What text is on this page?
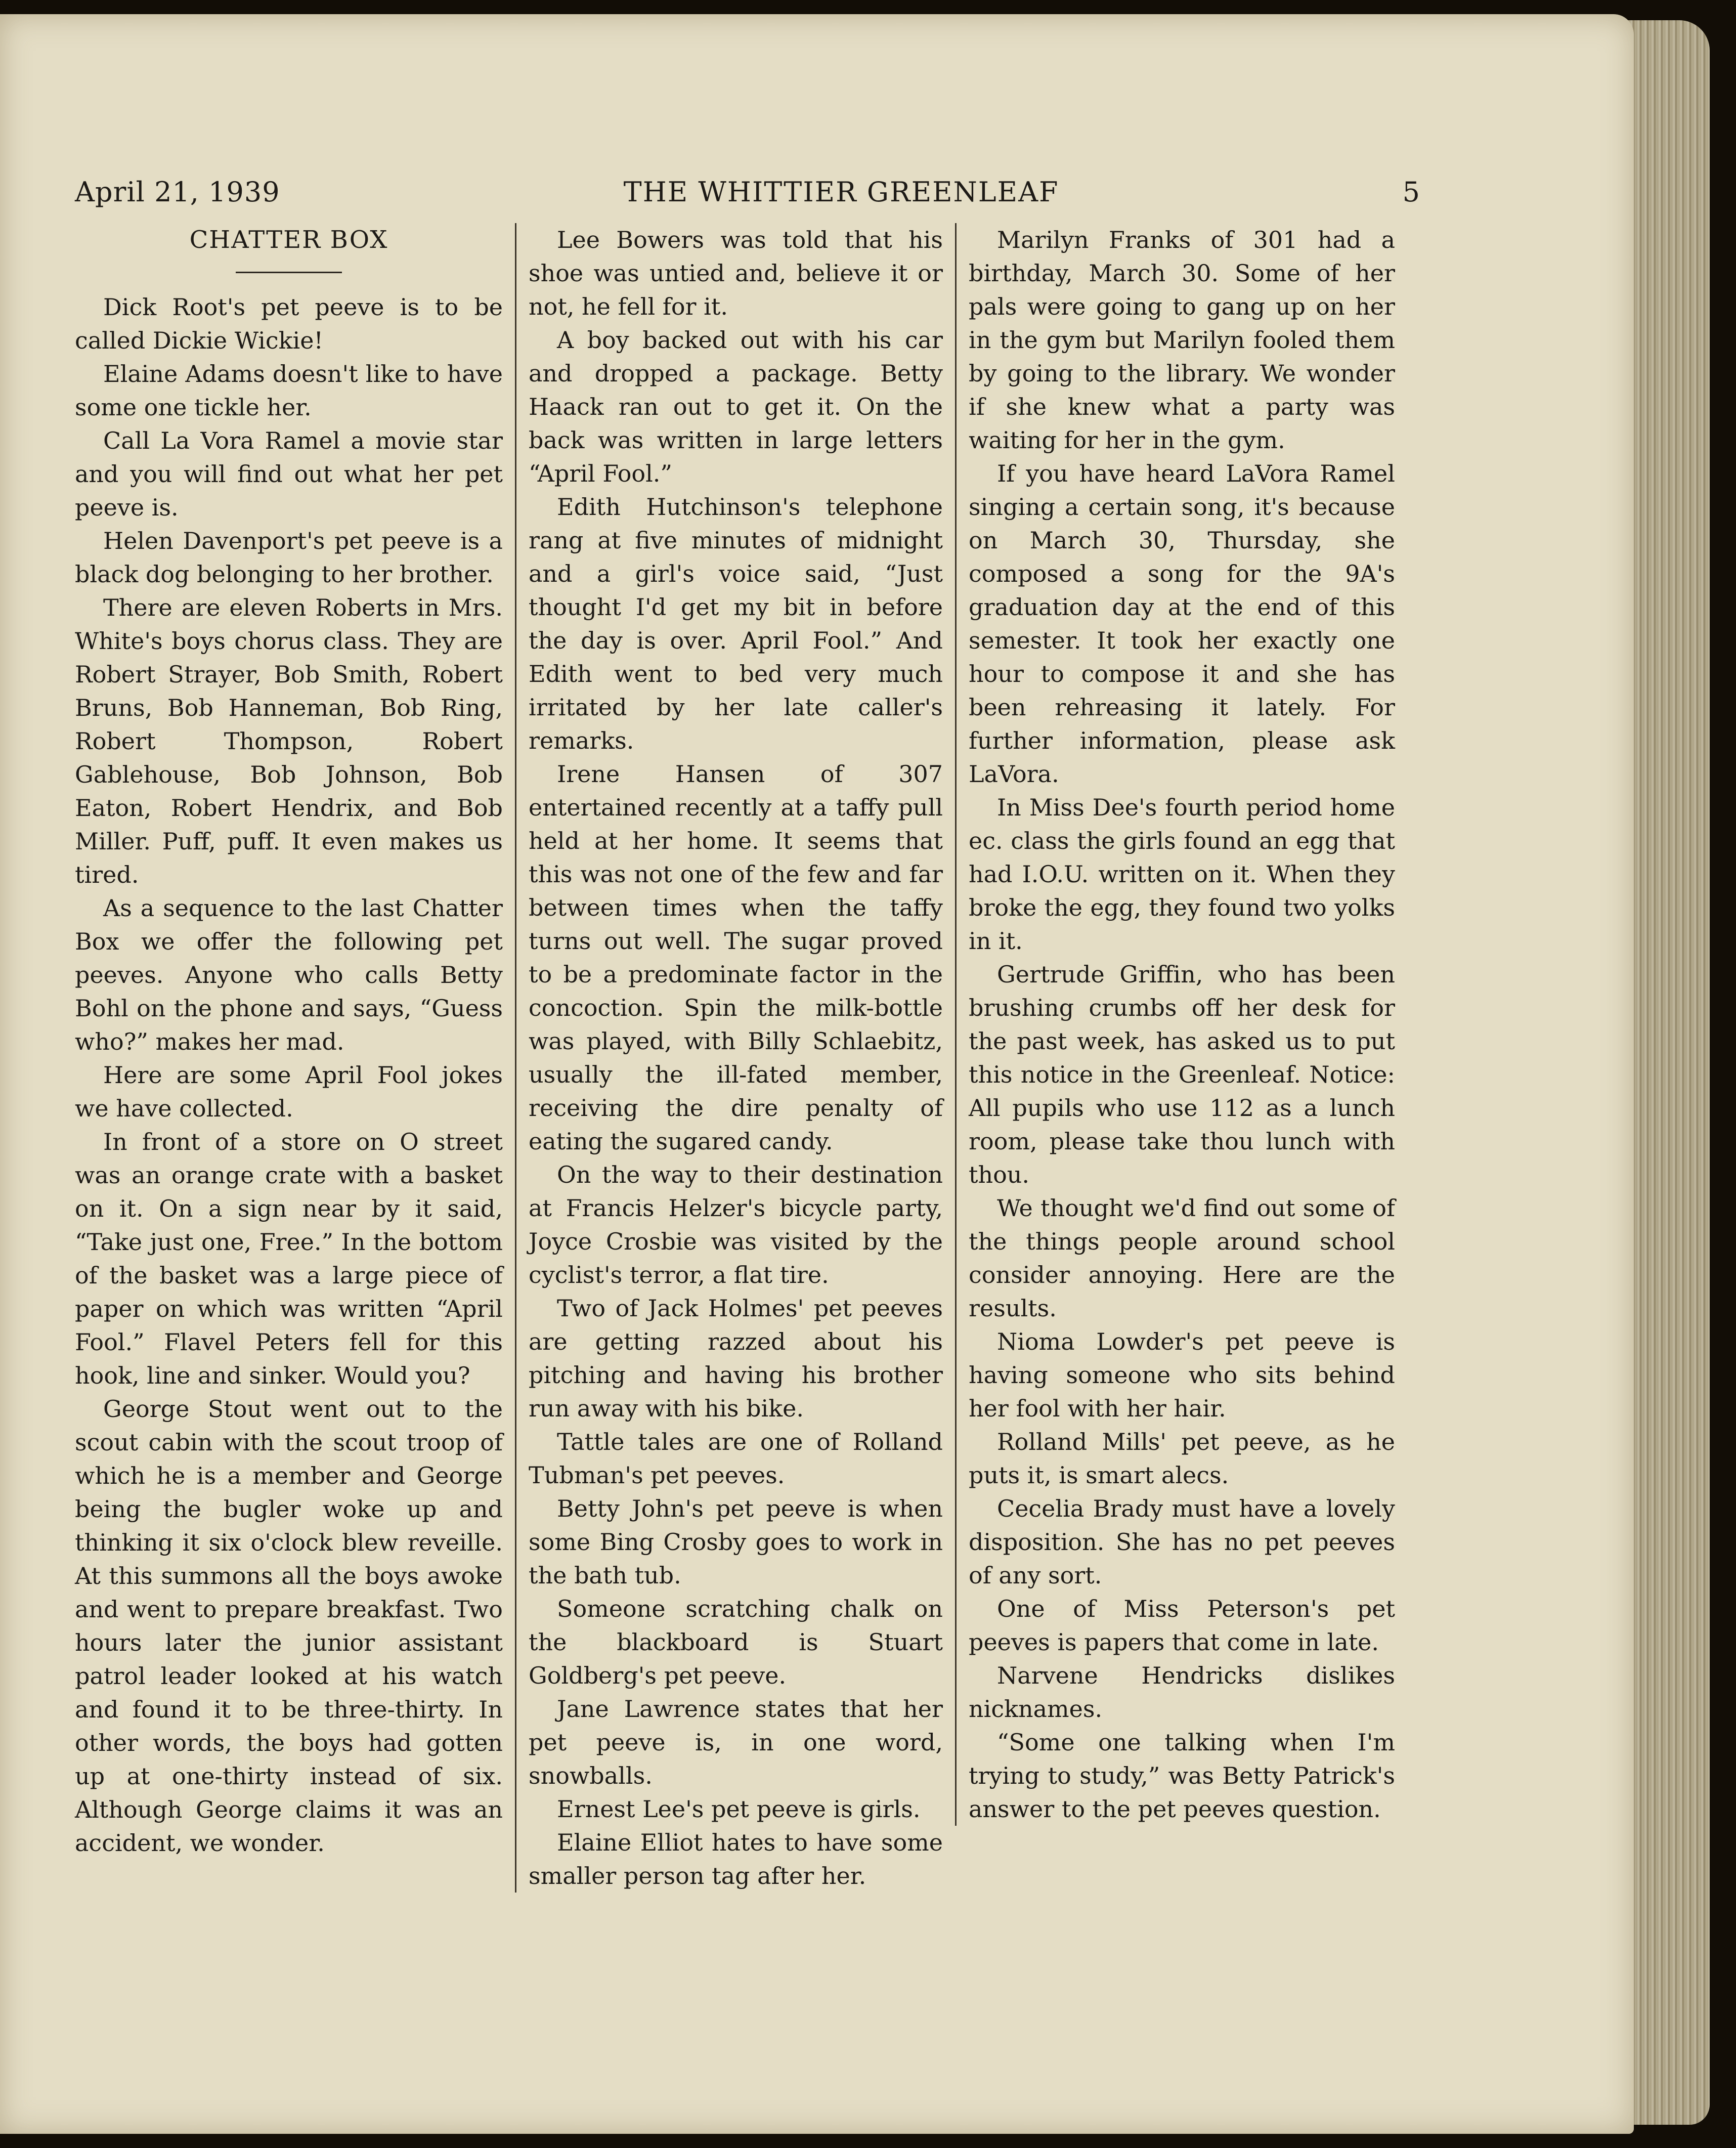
April 21, 1939	THE WHITTIER GREENLEAF	5
CHATTER BOX

Dick Root's pet peeve is to be called Dickie Wickie!

Elaine Adams doesn't like to have some one tickle her.

Call La Vora Ramel a movie star and you will find out what her pet peeve is.

Helen Davenport's pet peeve is a black dog belonging to her brother.

There are eleven Roberts in Mrs. White's boys chorus class. They are Robert Strayer, Bob Smith, Robert Bruns, Bob Hanneman, Bob Ring, Robert Thompson, Robert Gablehouse, Bob Johnson, Bob Eaton, Robert Hendrix, and Bob Miller. Puff, puff. It even makes us tired.

As a sequence to the last Chatter Box we offer the following pet peeves. Anyone who calls Betty Bohl on the phone and says, “Guess who?” makes her mad.

Here are some April Fool jokes we have collected.

In front of a store on O street was an orange crate with a basket on it. On a sign near by it said, “Take just one, Free.” In the bottom of the basket was a large piece of paper on which was written “April Fool.” Flavel Peters fell for this hook, line and sinker. Would you?

George Stout went out to the scout cabin with the scout troop of which he is a member and George being the bugler woke up and thinking it six o'clock blew reveille. At this summons all the boys awoke and went to prepare breakfast. Two hours later the junior assistant patrol leader looked at his watch and found it to be three-thirty. In other words, the boys had gotten up at one-thirty instead of six. Although George claims it was an accident, we wonder.

Lee Bowers was told that his shoe was untied and, believe it or not, he fell for it.

A boy backed out with his car and dropped a package. Betty Haack ran out to get it. On the back was written in large letters “April Fool.”

Edith Hutchinson's telephone rang at five minutes of midnight and a girl's voice said, “Just thought I'd get my bit in before the day is over. April Fool.” And Edith went to bed very much irritated by her late caller's remarks.

Irene Hansen of 307 entertained recently at a taffy pull held at her home. It seems that this was not one of the few and far between times when the taffy turns out well. The sugar proved to be a predominate factor in the concoction. Spin the milk-bottle was played, with Billy Schlaebitz, usually the ill-fated member, receiving the dire penalty of eating the sugared candy.

On the way to their destination at Francis Helzer's bicycle party, Joyce Crosbie was visited by the cyclist's terror, a flat tire.

Two of Jack Holmes' pet peeves are getting razzed about his pitching and having his brother run away with his bike.

Tattle tales are one of Rolland Tubman's pet peeves.

Betty John's pet peeve is when some Bing Crosby goes to work in the bath tub.

Someone scratching chalk on the blackboard is Stuart Goldberg's pet peeve.

Jane Lawrence states that her pet peeve is, in one word, snowballs.

Ernest Lee's pet peeve is girls.

Elaine Elliot hates to have some smaller person tag after her.

Marilyn Franks of 301 had a birthday, March 30. Some of her pals were going to gang up on her in the gym but Marilyn fooled them by going to the library. We wonder if she knew what a party was waiting for her in the gym.

If you have heard LaVora Ramel singing a certain song, it's because on March 30, Thursday, she composed a song for the 9A's graduation day at the end of this semester. It took her exactly one hour to compose it and she has been rehreasing it lately. For further information, please ask LaVora.

In Miss Dee's fourth period home ec. class the girls found an egg that had I.O.U. written on it. When they broke the egg, they found two yolks in it.

Gertrude Griffin, who has been brushing crumbs off her desk for the past week, has asked us to put this notice in the Greenleaf. Notice: All pupils who use 112 as a lunch room, please take thou lunch with thou.

We thought we'd find out some of the things people around school consider annoying. Here are the results.

Nioma Lowder's pet peeve is having someone who sits behind her fool with her hair.

Rolland Mills' pet peeve, as he puts it, is smart alecs.

Cecelia Brady must have a lovely disposition. She has no pet peeves of any sort.

One of Miss Peterson's pet peeves is papers that come in late.

Narvene Hendricks dislikes nicknames.

“Some one talking when I'm trying to study,” was Betty Patrick's answer to the pet peeves question.
